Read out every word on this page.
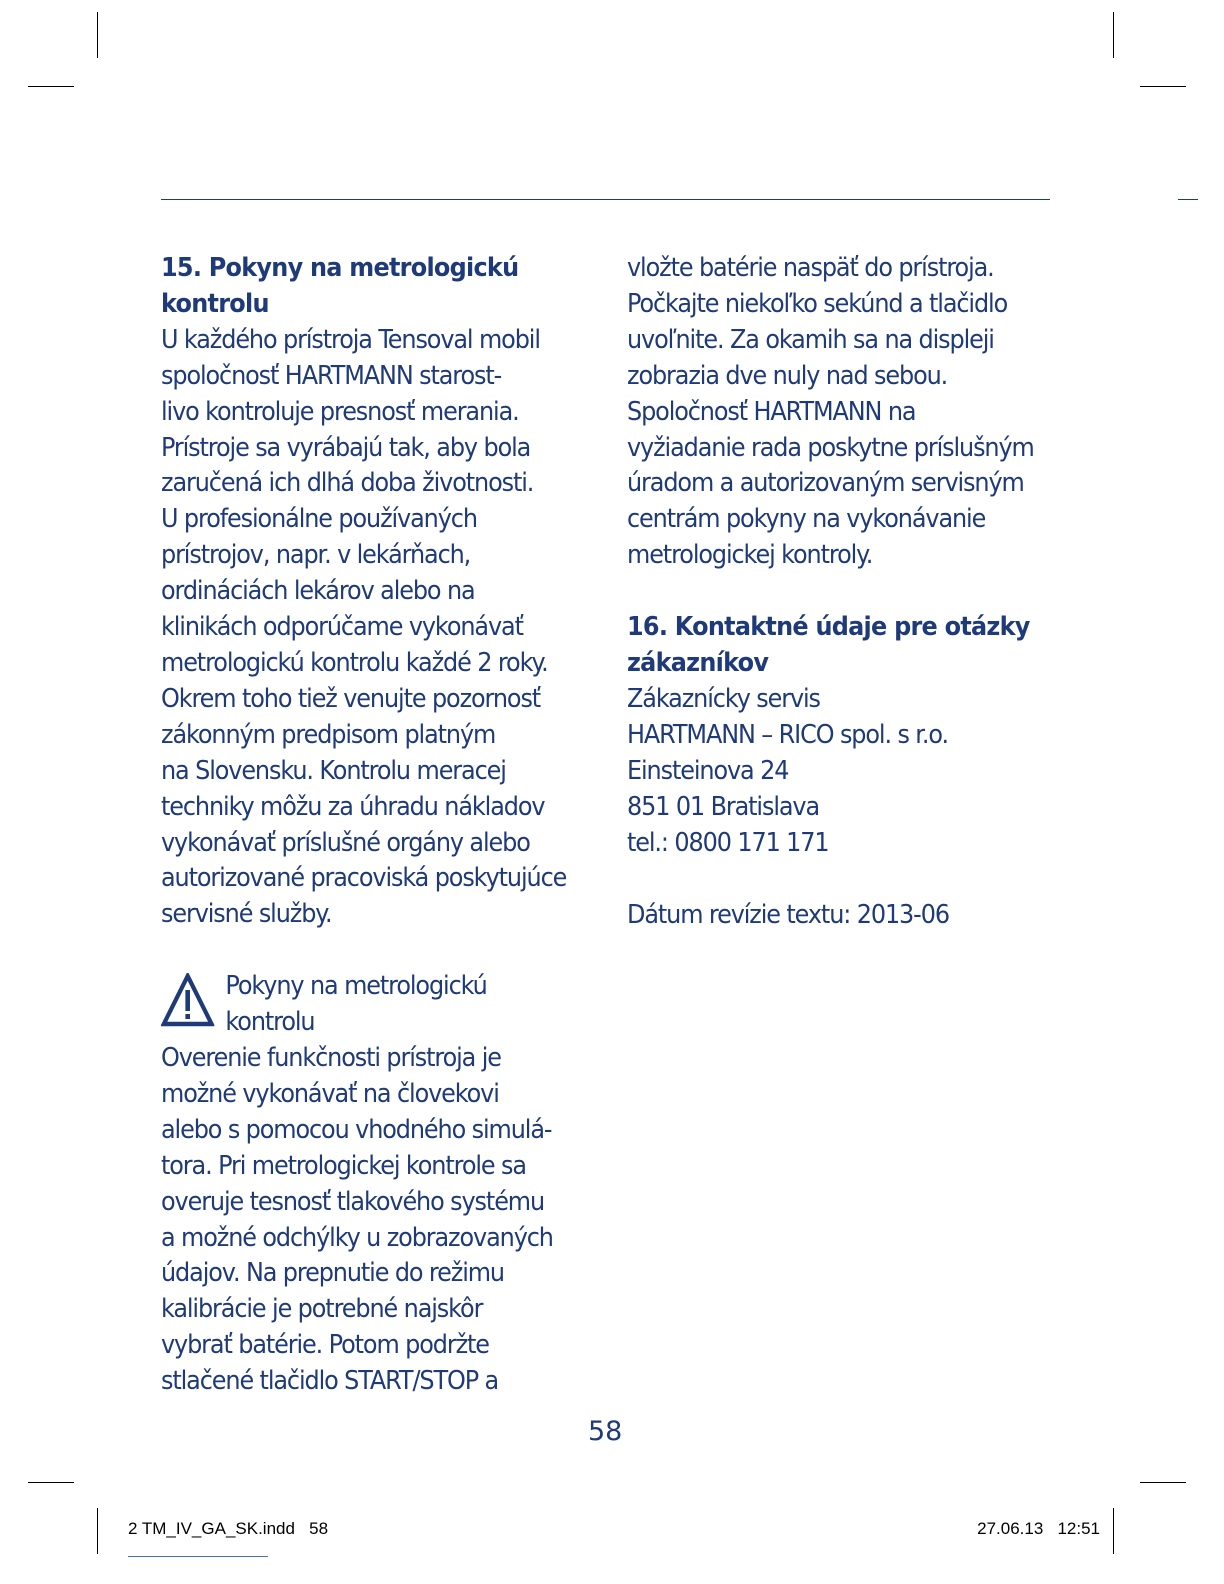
15. Pokyny na metrologickú
kontrolu

U každého prístroja Tensoval mobil
spoločnosť HARTMANN starost-
livo kontroluje presnosť merania.
Prístroje sa vyrábajú tak, aby bola
zaručená ich dlhá doba životnosti.
U profesionálne používaných
prístrojov, napr. v lekárňach,
ordináciách lekárov alebo na
klinikách odporúčame vykonávať
metrologickú kontrolu každé 2 roky.
Okrem toho tiež venujte pozornosť
zákonným predpisom platným
na Slovensku. Kontrolu meracej
techniky môžu za úhradu nákladov
vykonávať príslušné orgány alebo
autorizované pracoviská poskytujúce
servisné služby.

Pokyny na metrologickú
kontrolu

Overenie funkčnosti prístroja je
možné vykonávať na človekovi
alebo s pomocou vhodného simulá-
tora. Pri metrologickej kontrole sa
overuje tesnosť tlakového systému
a možné odchýlky u zobrazovaných
údajov. Na prepnutie do režimu
kalibrácie je potrebné najskôr
vybrať batérie. Potom podržte
stlačené tlačidlo START/STOP a

vložte batérie naspäť do prístroja.
Počkajte niekoľko sekúnd a tlačidlo
uvoľnite. Za okamih sa na displeji
zobrazia dve nuly nad sebou.
Spoločnosť HARTMANN na
vyžiadanie rada poskytne príslušným
úradom a autorizovaným servisným
centrám pokyny na vykonávanie
metrologickej kontroly.

16. Kontaktné údaje pre otázky
zákazníkov

Zákaznícky servis
HARTMANN – RICO spol. s r.o.
Einsteinova 24
851 01 Bratislava
tel.: 0800 171 171

Dátum revízie textu: 2013-06

58
2 TM_IV_GA_SK.indd   58	27.06.13   12:51
